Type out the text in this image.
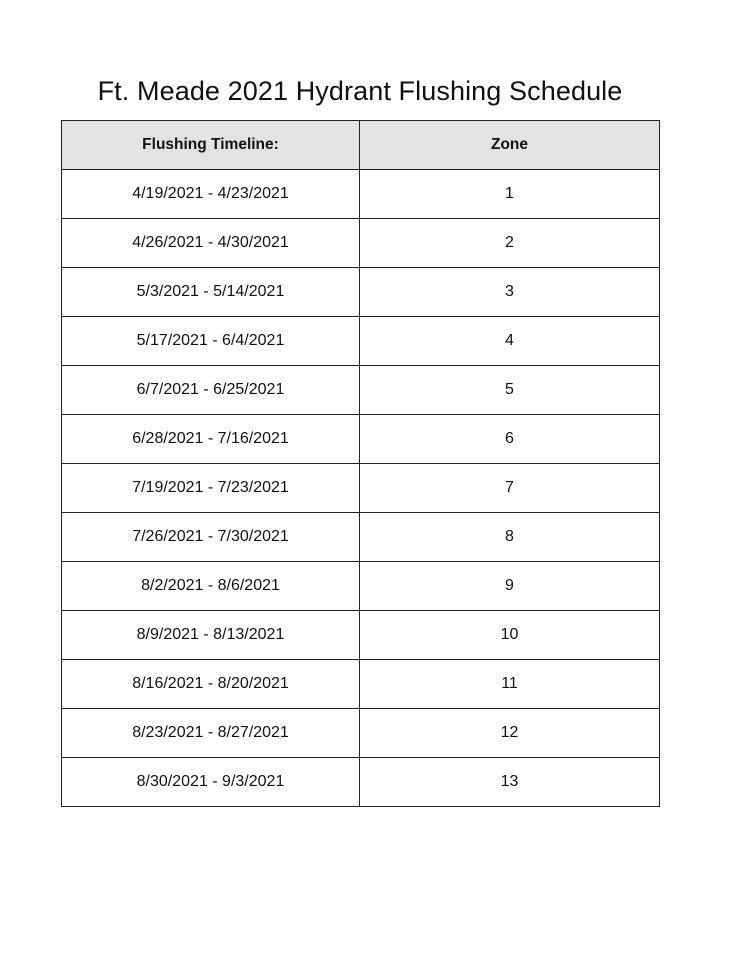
Ft. Meade 2021 Hydrant Flushing Schedule
Flushing Timeline:	Zone
4/19/2021 - 4/23/2021	1
4/26/2021 - 4/30/2021	2
5/3/2021 - 5/14/2021	3
5/17/2021 - 6/4/2021	4
6/7/2021 - 6/25/2021	5
6/28/2021 - 7/16/2021	6
7/19/2021 - 7/23/2021	7
7/26/2021 - 7/30/2021	8
8/2/2021 - 8/6/2021	9
8/9/2021 - 8/13/2021	10
8/16/2021 - 8/20/2021	11
8/23/2021 - 8/27/2021	12
8/30/2021 - 9/3/2021	13
